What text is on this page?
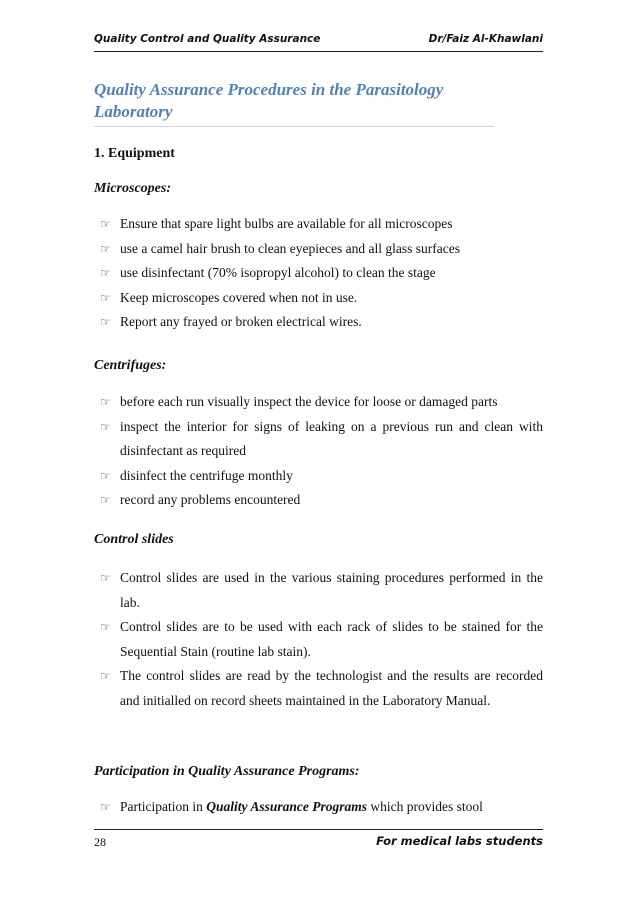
Quality Control and Quality Assurance	Dr/Faiz Al-Khawlani
Quality Assurance Procedures in the Parasitology Laboratory
1. Equipment
Microscopes:
☞ Ensure that spare light bulbs are available for all microscopes
☞ use a camel hair brush to clean eyepieces and all glass surfaces
☞ use disinfectant (70% isopropyl alcohol) to clean the stage
☞ Keep microscopes covered when not in use.
☞ Report any frayed or broken electrical wires.
Centrifuges:
☞ before each run visually inspect the device for loose or damaged parts
☞ inspect the interior for signs of leaking on a previous run and clean with disinfectant as required
☞ disinfect the centrifuge monthly
☞ record any problems encountered
Control slides
☞ Control slides are used in the various staining procedures performed in the lab.
☞ Control slides are to be used with each rack of slides to be stained for the Sequential Stain (routine lab stain).
☞ The control slides are read by the technologist and the results are recorded and initialled on record sheets maintained in the Laboratory Manual.
Participation in Quality Assurance Programs:
☞ Participation in Quality Assurance Programs which provides stool
28	For medical labs students
